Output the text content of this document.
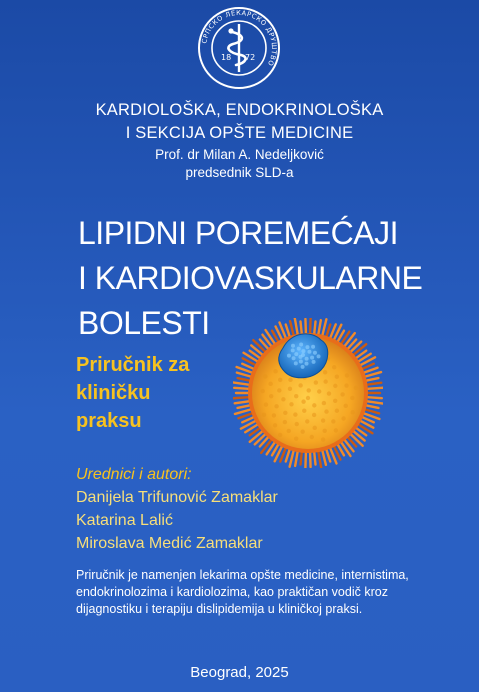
СРПСКО ЛЕКАРСКО ДРУШТВО
18 72
KARDIOLOŠKA, ENDOKRINOLOŠKA
I SEKCIJA OPŠTE MEDICINE
Prof. dr Milan A. Nedeljković
predsednik SLD-a
LIPIDNI POREMEĆAJI
I KARDIOVASKULARNE
BOLESTI
Priručnik za
kliničku
praksu
Urednici i autori:
Danijela Trifunović Zamaklar
Katarina Lalić
Miroslava Medić Zamaklar
Priručnik je namenjen lekarima opšte medicine, internistima,
endokrinolozima i kardiolozima, kao praktičan vodič kroz
dijagnostiku i terapiju dislipidemija u kliničkoj praksi.
Beograd, 2025
